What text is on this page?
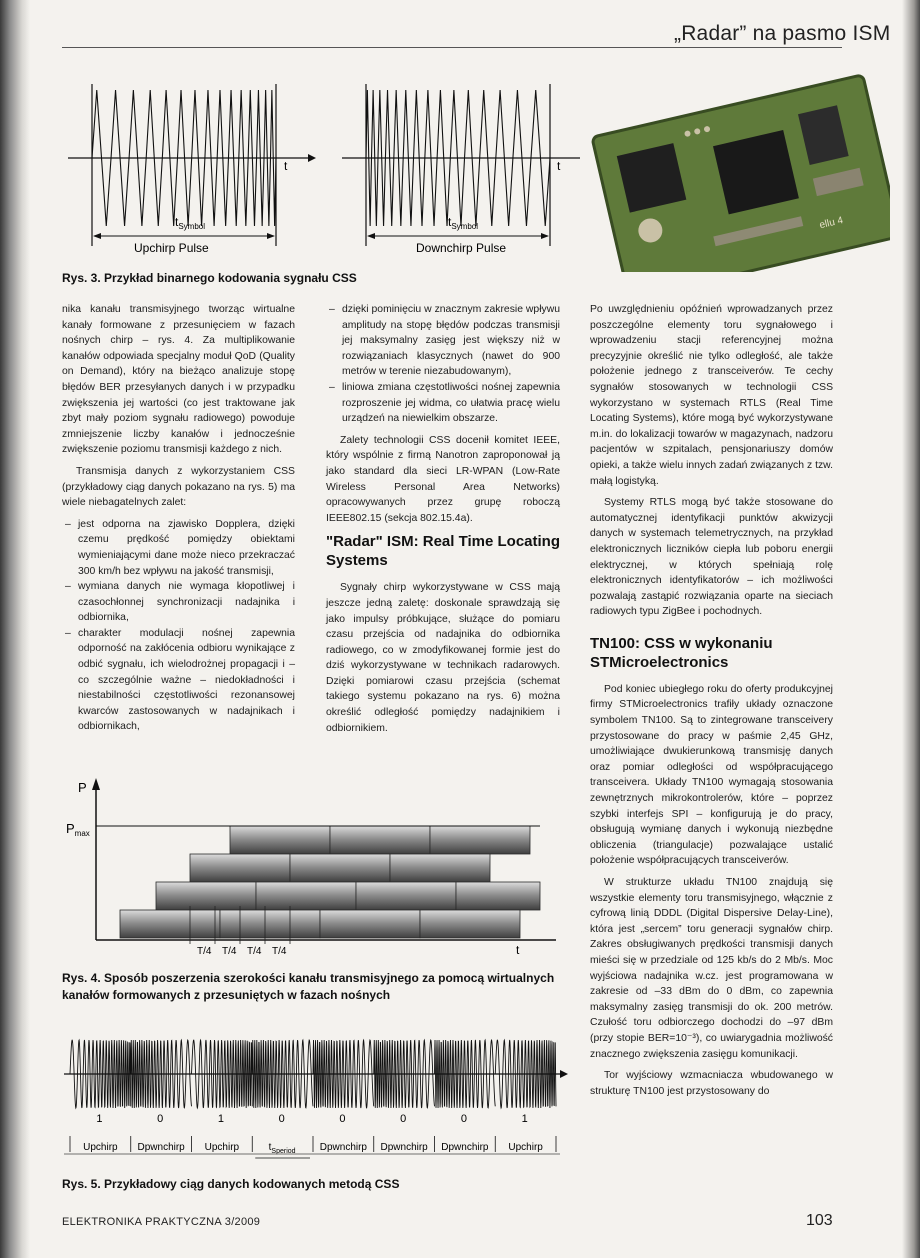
„Radar” na pasmo ISM
t	t
$t_{Symbol}$	$t_{Symbol}$
Upchirp Pulse	Downchirp Pulse
ellu 4
Rys. 3. Przykład binarnego kodowania sygnału CSS

nika kanału transmisyjnego tworząc wirtualne kanały formowane z przesunięciem w fazach nośnych chirp – rys. 4. Za multiplikowanie kanałów odpowiada specjalny moduł QoD (Quality on Demand), który na bieżąco analizuje stopę błędów BER przesyłanych danych i w przypadku zwiększenia jej wartości (co jest traktowane jak zbyt mały poziom sygnału radiowego) powoduje zmniejszenie liczby kanałów i jednocześnie zwiększenie poziomu transmisji każdego z nich.

Transmisja danych z wykorzystaniem CSS (przykładowy ciąg danych pokazano na rys. 5) ma wiele niebagatelnych zalet:

– jest odporna na zjawisko Dopplera, dzięki czemu prędkość pomiędzy obiektami wymieniającymi dane może nieco przekraczać 300 km/h bez wpływu na jakość transmisji,
– wymiana danych nie wymaga kłopotliwej i czasochłonnej synchronizacji nadajnika i odbiornika,
– charakter modulacji nośnej zapewnia odporność na zakłócenia odbioru wynikające z odbić sygnału, ich wielodrożnej propagacji i – co szczególnie ważne – niedokładności i niestabilności częstotliwości rezonansowej kwarców zastosowanych w nadajnikach i odbiornikach,
– dzięki pominięciu w znacznym zakresie wpływu amplitudy na stopę błędów podczas transmisji jej maksymalny zasięg jest większy niż w rozwiązaniach klasycznych (nawet do 900 metrów w terenie niezabudowanym),
– liniowa zmiana częstotliwości nośnej zapewnia rozproszenie jej widma, co ułatwia pracę wielu urządzeń na niewielkim obszarze.

Zalety technologii CSS docenił komitet IEEE, który wspólnie z firmą Nanotron zaproponował ją jako standard dla sieci LR-WPAN (Low-Rate Wireless Personal Area Networks) opracowywanych przez grupę roboczą IEEE802.15 (sekcja 802.15.4a).

"Radar" ISM: Real Time Locating Systems

Sygnały chirp wykorzystywane w CSS mają jeszcze jedną zaletę: doskonale sprawdzają się jako impulsy próbkujące, służące do pomiaru czasu przejścia od nadajnika do odbiornika radiowego, co w zmodyfikowanej formie jest do dziś wykorzystywane w technikach radarowych. Dzięki pomiarowi czasu przejścia (schemat takiego systemu pokazano na rys. 6) można określić odległość pomiędzy nadajnikiem i odbiornikiem.

Po uwzględnieniu opóźnień wprowadzanych przez poszczególne elementy toru sygnałowego i wprowadzeniu stacji referencyjnej można precyzyjnie określić nie tylko odległość, ale także położenie jednego z transceiverów. Te cechy sygnałów stosowanych w technologii CSS wykorzystano w systemach RTLS (Real Time Locating Systems), które mogą być wykorzystywane m.in. do lokalizacji towarów w magazynach, nadzoru pacjentów w szpitalach, pensjonariuszy domów opieki, a także wielu innych zadań związanych z tzw. małą logistyką.

Systemy RTLS mogą być także stosowane do automatycznej identyfikacji punktów akwizycji danych w systemach telemetrycznych, na przykład elektronicznych liczników ciepła lub poboru energii elektrycznej, w których spełniają rolę elektronicznych identyfikatorów – ich możliwości pozwalają zastąpić rozwiązania oparte na sieciach radiowych typu ZigBee i pochodnych.

TN100: CSS w wykonaniu STMicroelectronics

Pod koniec ubiegłego roku do oferty produkcyjnej firmy STMicroelectronics trafiły układy oznaczone symbolem TN100. Są to zintegrowane transceivery przystosowane do pracy w paśmie 2,45 GHz, umożliwiające dwukierunkową transmisję danych oraz pomiar odległości od współpracującego transceivera. Układy TN100 wymagają stosowania zewnętrznych mikrokontrolerów, które – poprzez szybki interfejs SPI – konfigurują je do pracy, obsługują wymianę danych i wykonują niezbędne obliczenia (triangulacje) pozwalające ustalić położenie współpracujących transceiverów.

W strukturze układu TN100 znajdują się wszystkie elementy toru transmisyjnego, włącznie z cyfrową linią DDDL (Digital Dispersive Delay-Line), która jest „sercem” toru generacji sygnałów chirp. Zakres obsługiwanych prędkości transmisji danych mieści się w przedziale od 125 kb/s do 2 Mb/s. Moc wyjściowa nadajnika w.cz. jest programowana w zakresie od –33 dBm do 0 dBm, co zapewnia maksymalny zasięg transmisji do ok. 200 metrów. Czułość toru odbiorczego dochodzi do –97 dBm (przy stopie BER=10⁻³), co uwiarygadnia możliwość znacznego zwiększenia zasięgu komunikacji.

Tor wyjściowy wzmacniacza wbudowanego w strukturę TN100 jest przystosowany do

P
$P_{max}$
t
T/4 T/4 T/4 T/4
Rys. 4. Sposób poszerzenia szerokości kanału transmisyjnego za pomocą wirtualnych kanałów formowanych z przesuniętych w fazach nośnych
1
Upchirp
0
Dpwnchirp
1
Upchirp
0
$t_{Speriod}$
0
Dpwnchirp
0
Dpwnchirp
0
Dpwnchirp
1
Upchirp
Rys. 5. Przykładowy ciąg danych kodowanych metodą CSS
ELEKTRONIKA PRAKTYCZNA 3/2009	103
